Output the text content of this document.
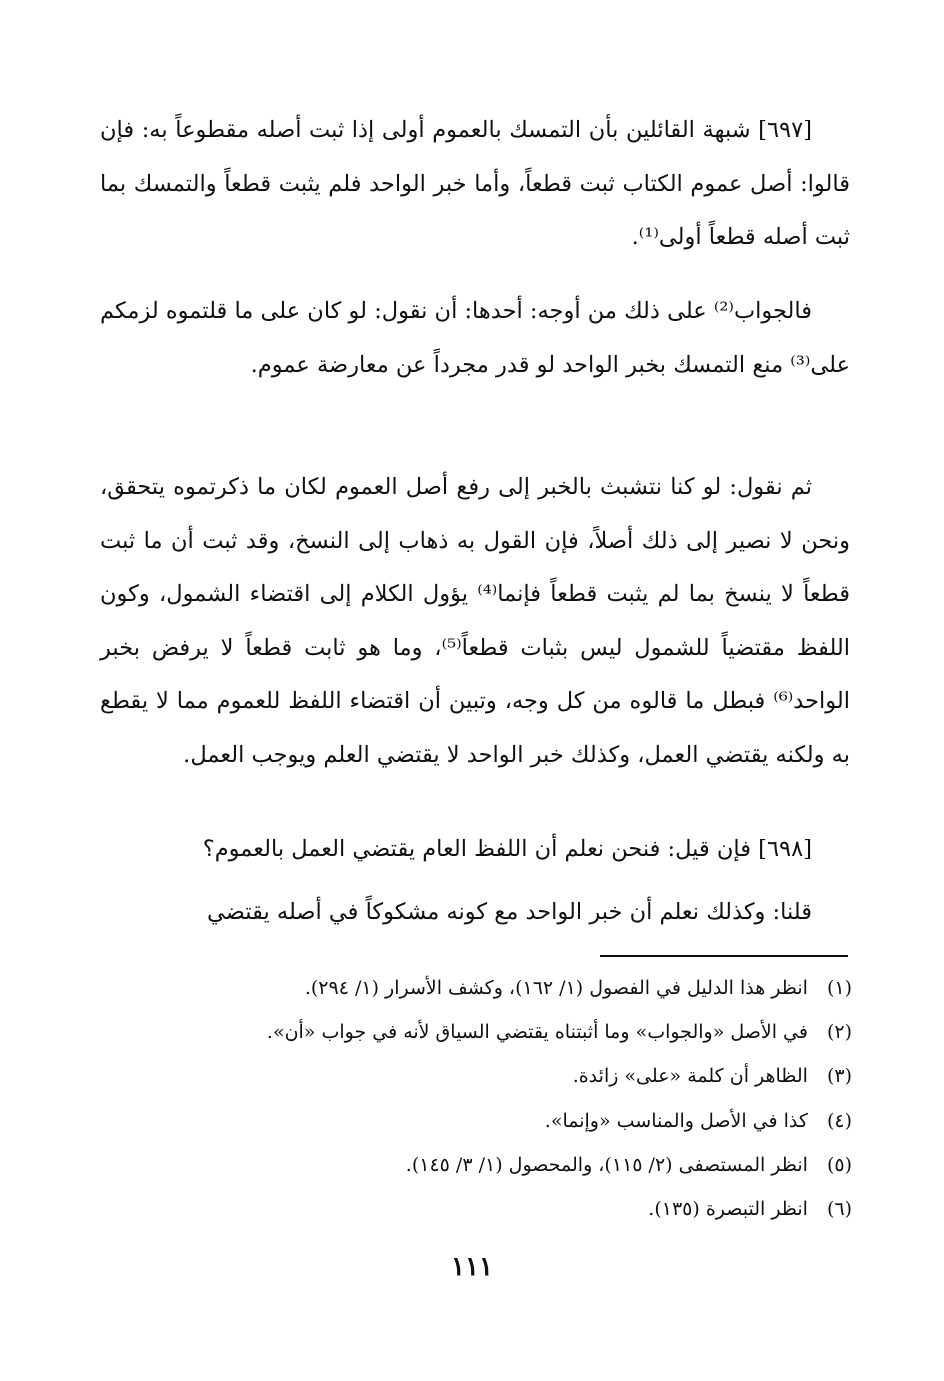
[٦٩٧] شبهة القائلين بأن التمسك بالعموم أولى إذا ثبت أصله مقطوعاً به: فإن قالوا: أصل عموم الكتاب ثبت قطعاً، وأما خبر الواحد فلم يثبت قطعاً والتمسك بما ثبت أصله قطعاً أولى⁽¹⁾.

فالجواب⁽²⁾ على ذلك من أوجه: أحدها: أن نقول: لو كان على ما قلتموه لزمكم على⁽³⁾ منع التمسك بخبر الواحد لو قدر مجرداً عن معارضة عموم.

ثم نقول: لو كنا نتشبث بالخبر إلى رفع أصل العموم لكان ما ذكرتموه يتحقق، ونحن لا نصير إلى ذلك أصلاً، فإن القول به ذهاب إلى النسخ، وقد ثبت أن ما ثبت قطعاً لا ينسخ بما لم يثبت قطعاً فإنما⁽⁴⁾ يؤول الكلام إلى اقتضاء الشمول، وكون اللفظ مقتضياً للشمول ليس بثبات قطعاً⁽⁵⁾، وما هو ثابت قطعاً لا يرفض بخبر الواحد⁽⁶⁾ فبطل ما قالوه من كل وجه، وتبين أن اقتضاء اللفظ للعموم مما لا يقطع به ولكنه يقتضي العمل، وكذلك خبر الواحد لا يقتضي العلم ويوجب العمل.

[٦٩٨] فإن قيل: فنحن نعلم أن اللفظ العام يقتضي العمل بالعموم؟

قلنا: وكذلك نعلم أن خبر الواحد مع كونه مشكوكاً في أصله يقتضي

(١) انظر هذا الدليل في الفصول (١/ ١٦٢)، وكشف الأسرار (١/ ٢٩٤).
(٢) في الأصل «والجواب» وما أثبتناه يقتضي السياق لأنه في جواب «أن».
(٣) الظاهر أن كلمة «على» زائدة.
(٤) كذا في الأصل والمناسب «وإنما».
(٥) انظر المستصفى (٢/ ١١٥)، والمحصول (١/ ٣/ ١٤٥).
(٦) انظر التبصرة (١٣٥).
١١١
